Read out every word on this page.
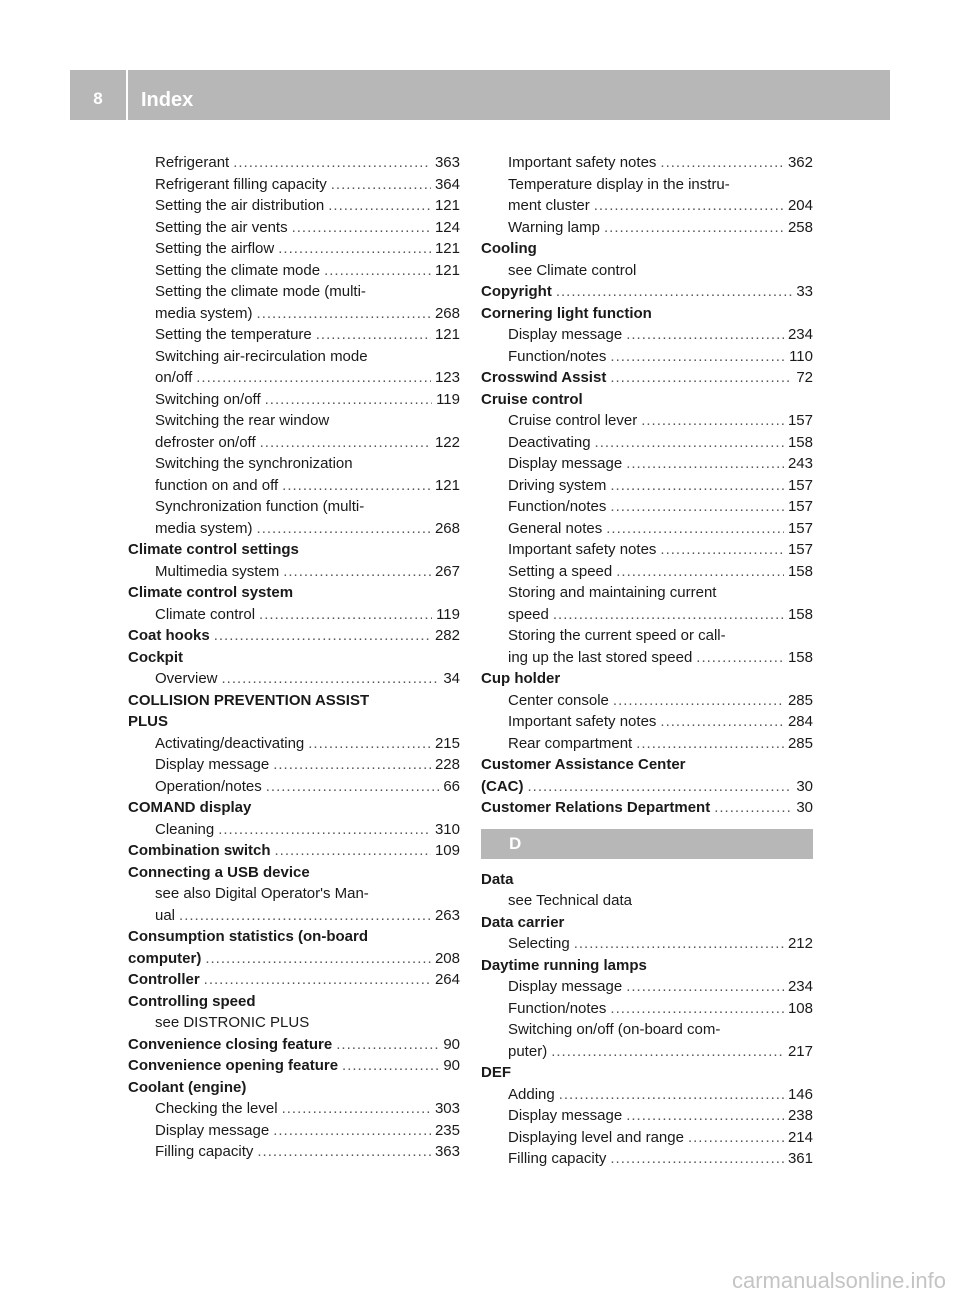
8	Index
Refrigerant .....	363
Refrigerant filling capacity .....	364
Setting the air distribution .....	121
Setting the air vents .....	124
Setting the airflow .....	121
Setting the climate mode .....	121
Setting the climate mode (multi-
media system) .....	268
Setting the temperature .....	121
Switching air-recirculation mode
on/off .....	123
Switching on/off .....	119
Switching the rear window
defroster on/off .....	122
Switching the synchronization
function on and off .....	121
Synchronization function (multi-
media system) .....	268
Climate control settings
Multimedia system .....	267
Climate control system
Climate control .....	119
Coat hooks .....	282
Cockpit
Overview .....	34
COLLISION PREVENTION ASSIST
PLUS
Activating/deactivating .....	215
Display message .....	228
Operation/notes .....	66
COMAND display
Cleaning .....	310
Combination switch .....	109
Connecting a USB device
see also Digital Operator's Man-
ual .....	263
Consumption statistics (on-board
computer) .....	208
Controller .....	264
Controlling speed
see DISTRONIC PLUS
Convenience closing feature .....	90
Convenience opening feature .....	90
Coolant (engine)
Checking the level .....	303
Display message .....	235
Filling capacity .....	363
Important safety notes .....	362
Temperature display in the instru-
ment cluster .....	204
Warning lamp .....	258
Cooling
see Climate control
Copyright .....	33
Cornering light function
Display message .....	234
Function/notes .....	110
Crosswind Assist .....	72
Cruise control
Cruise control lever .....	157
Deactivating .....	158
Display message .....	243
Driving system .....	157
Function/notes .....	157
General notes .....	157
Important safety notes .....	157
Setting a speed .....	158
Storing and maintaining current
speed .....	158
Storing the current speed or call-
ing up the last stored speed .....	158
Cup holder
Center console .....	285
Important safety notes .....	284
Rear compartment .....	285
Customer Assistance Center
(CAC) .....	30
Customer Relations Department .....	30
D
Data
see Technical data
Data carrier
Selecting .....	212
Daytime running lamps
Display message .....	234
Function/notes .....	108
Switching on/off (on-board com-
puter) .....	217
DEF
Adding .....	146
Display message .....	238
Displaying level and range .....	214
Filling capacity .....	361
carmanualsonline.info
